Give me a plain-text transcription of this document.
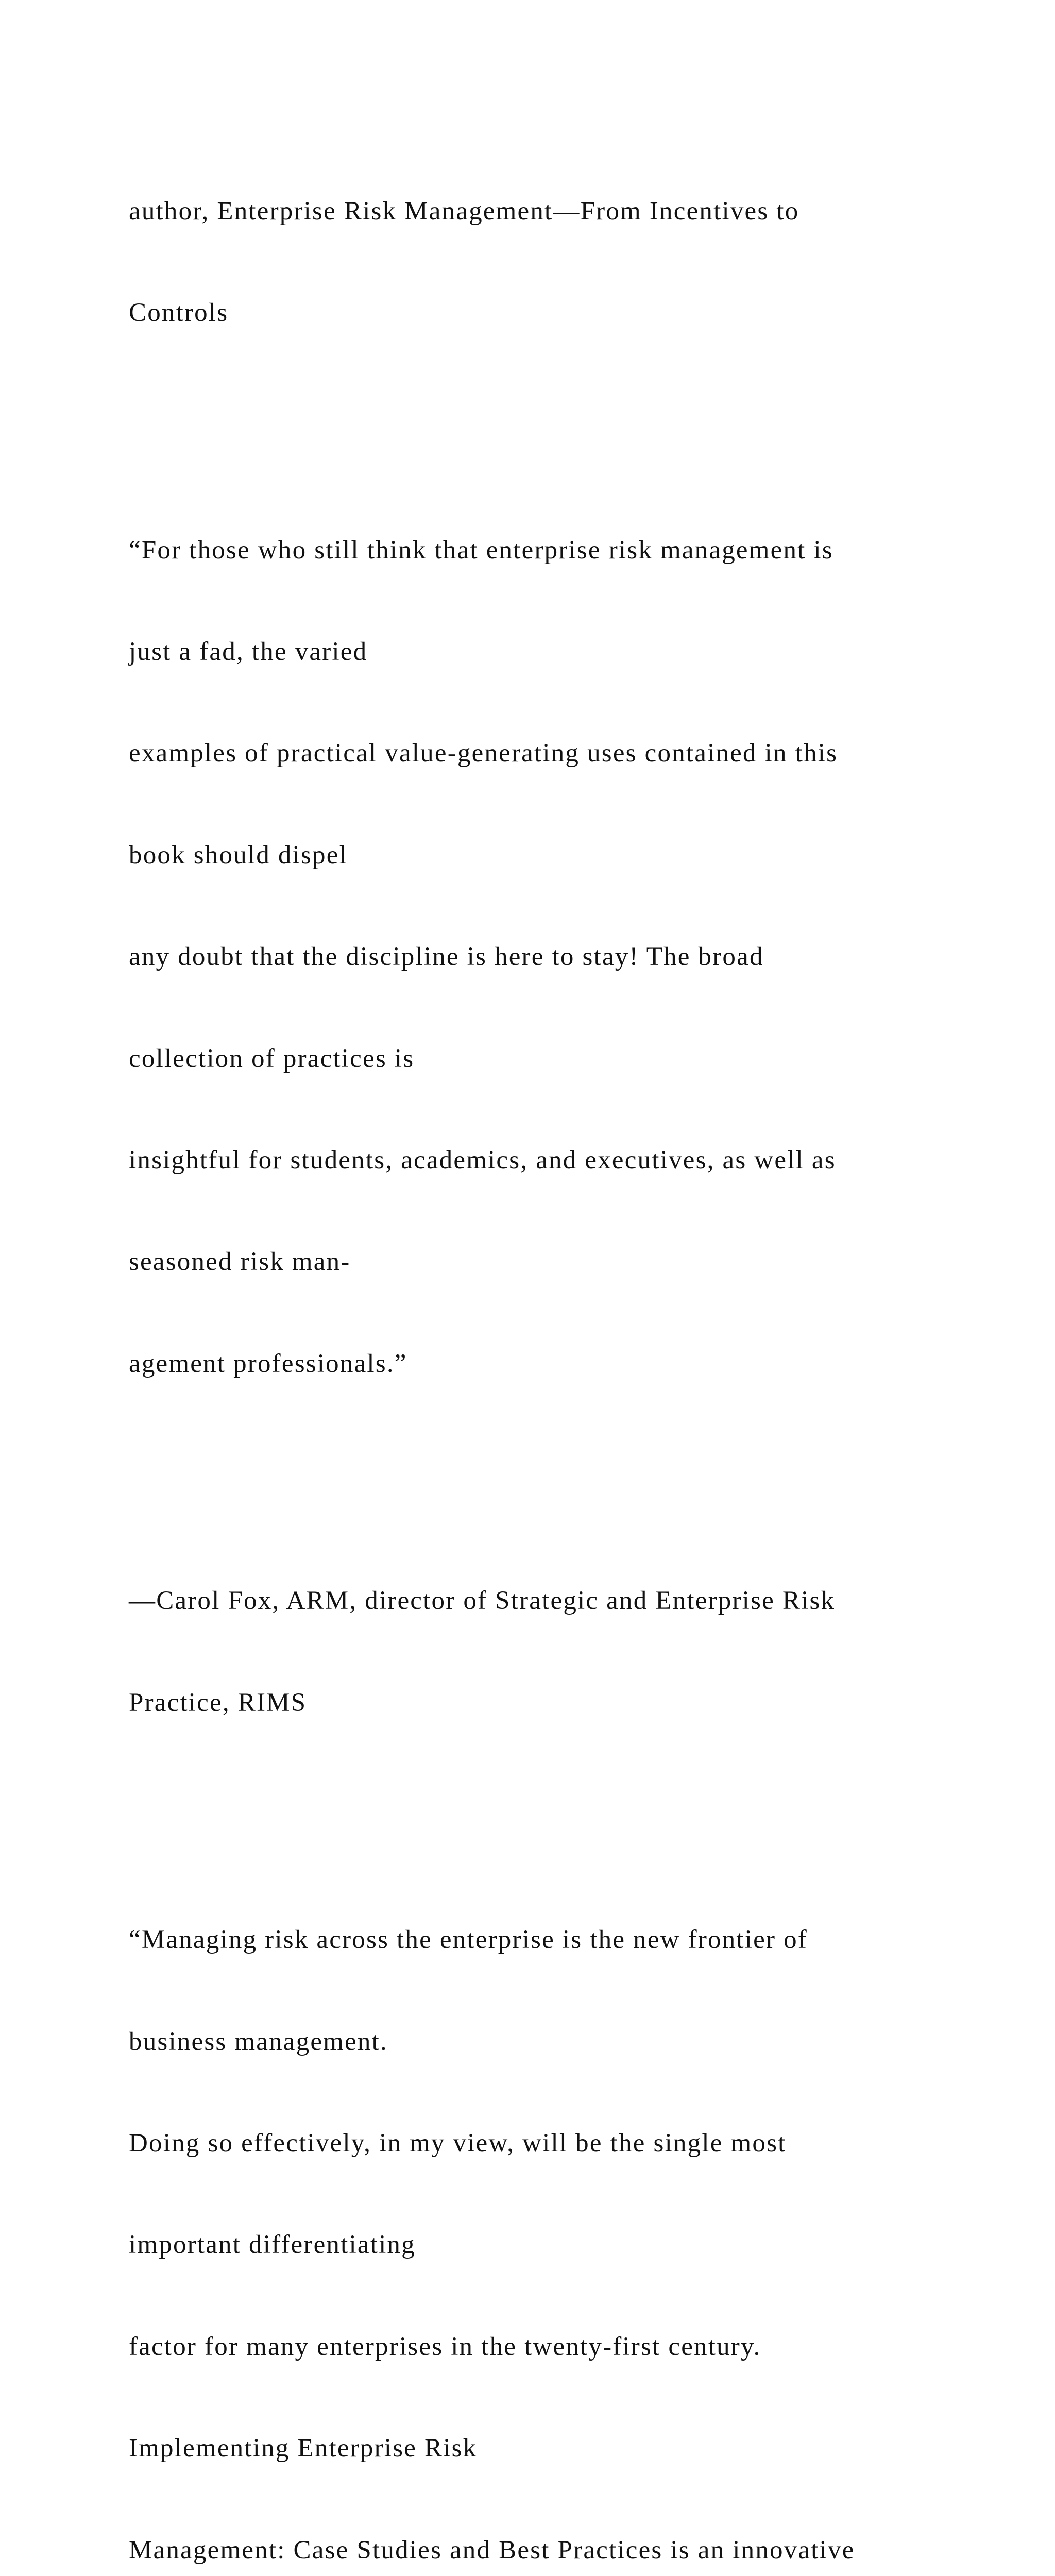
author, Enterprise Risk Management—From Incentives to

Controls

“For those who still think that enterprise risk management is

just a fad, the varied

examples of practical value-generating uses contained in this

book should dispel

any doubt that the discipline is here to stay! The broad

collection of practices is

insightful for students, academics, and executives, as well as

seasoned risk man-

agement professionals.”

—Carol Fox, ARM, director of Strategic and Enterprise Risk

Practice, RIMS

“Managing risk across the enterprise is the new frontier of

business management.

Doing so effectively, in my view, will be the single most

important differentiating

factor for many enterprises in the twenty-first century.

Implementing Enterprise Risk

Management: Case Studies and Best Practices is an innovative
